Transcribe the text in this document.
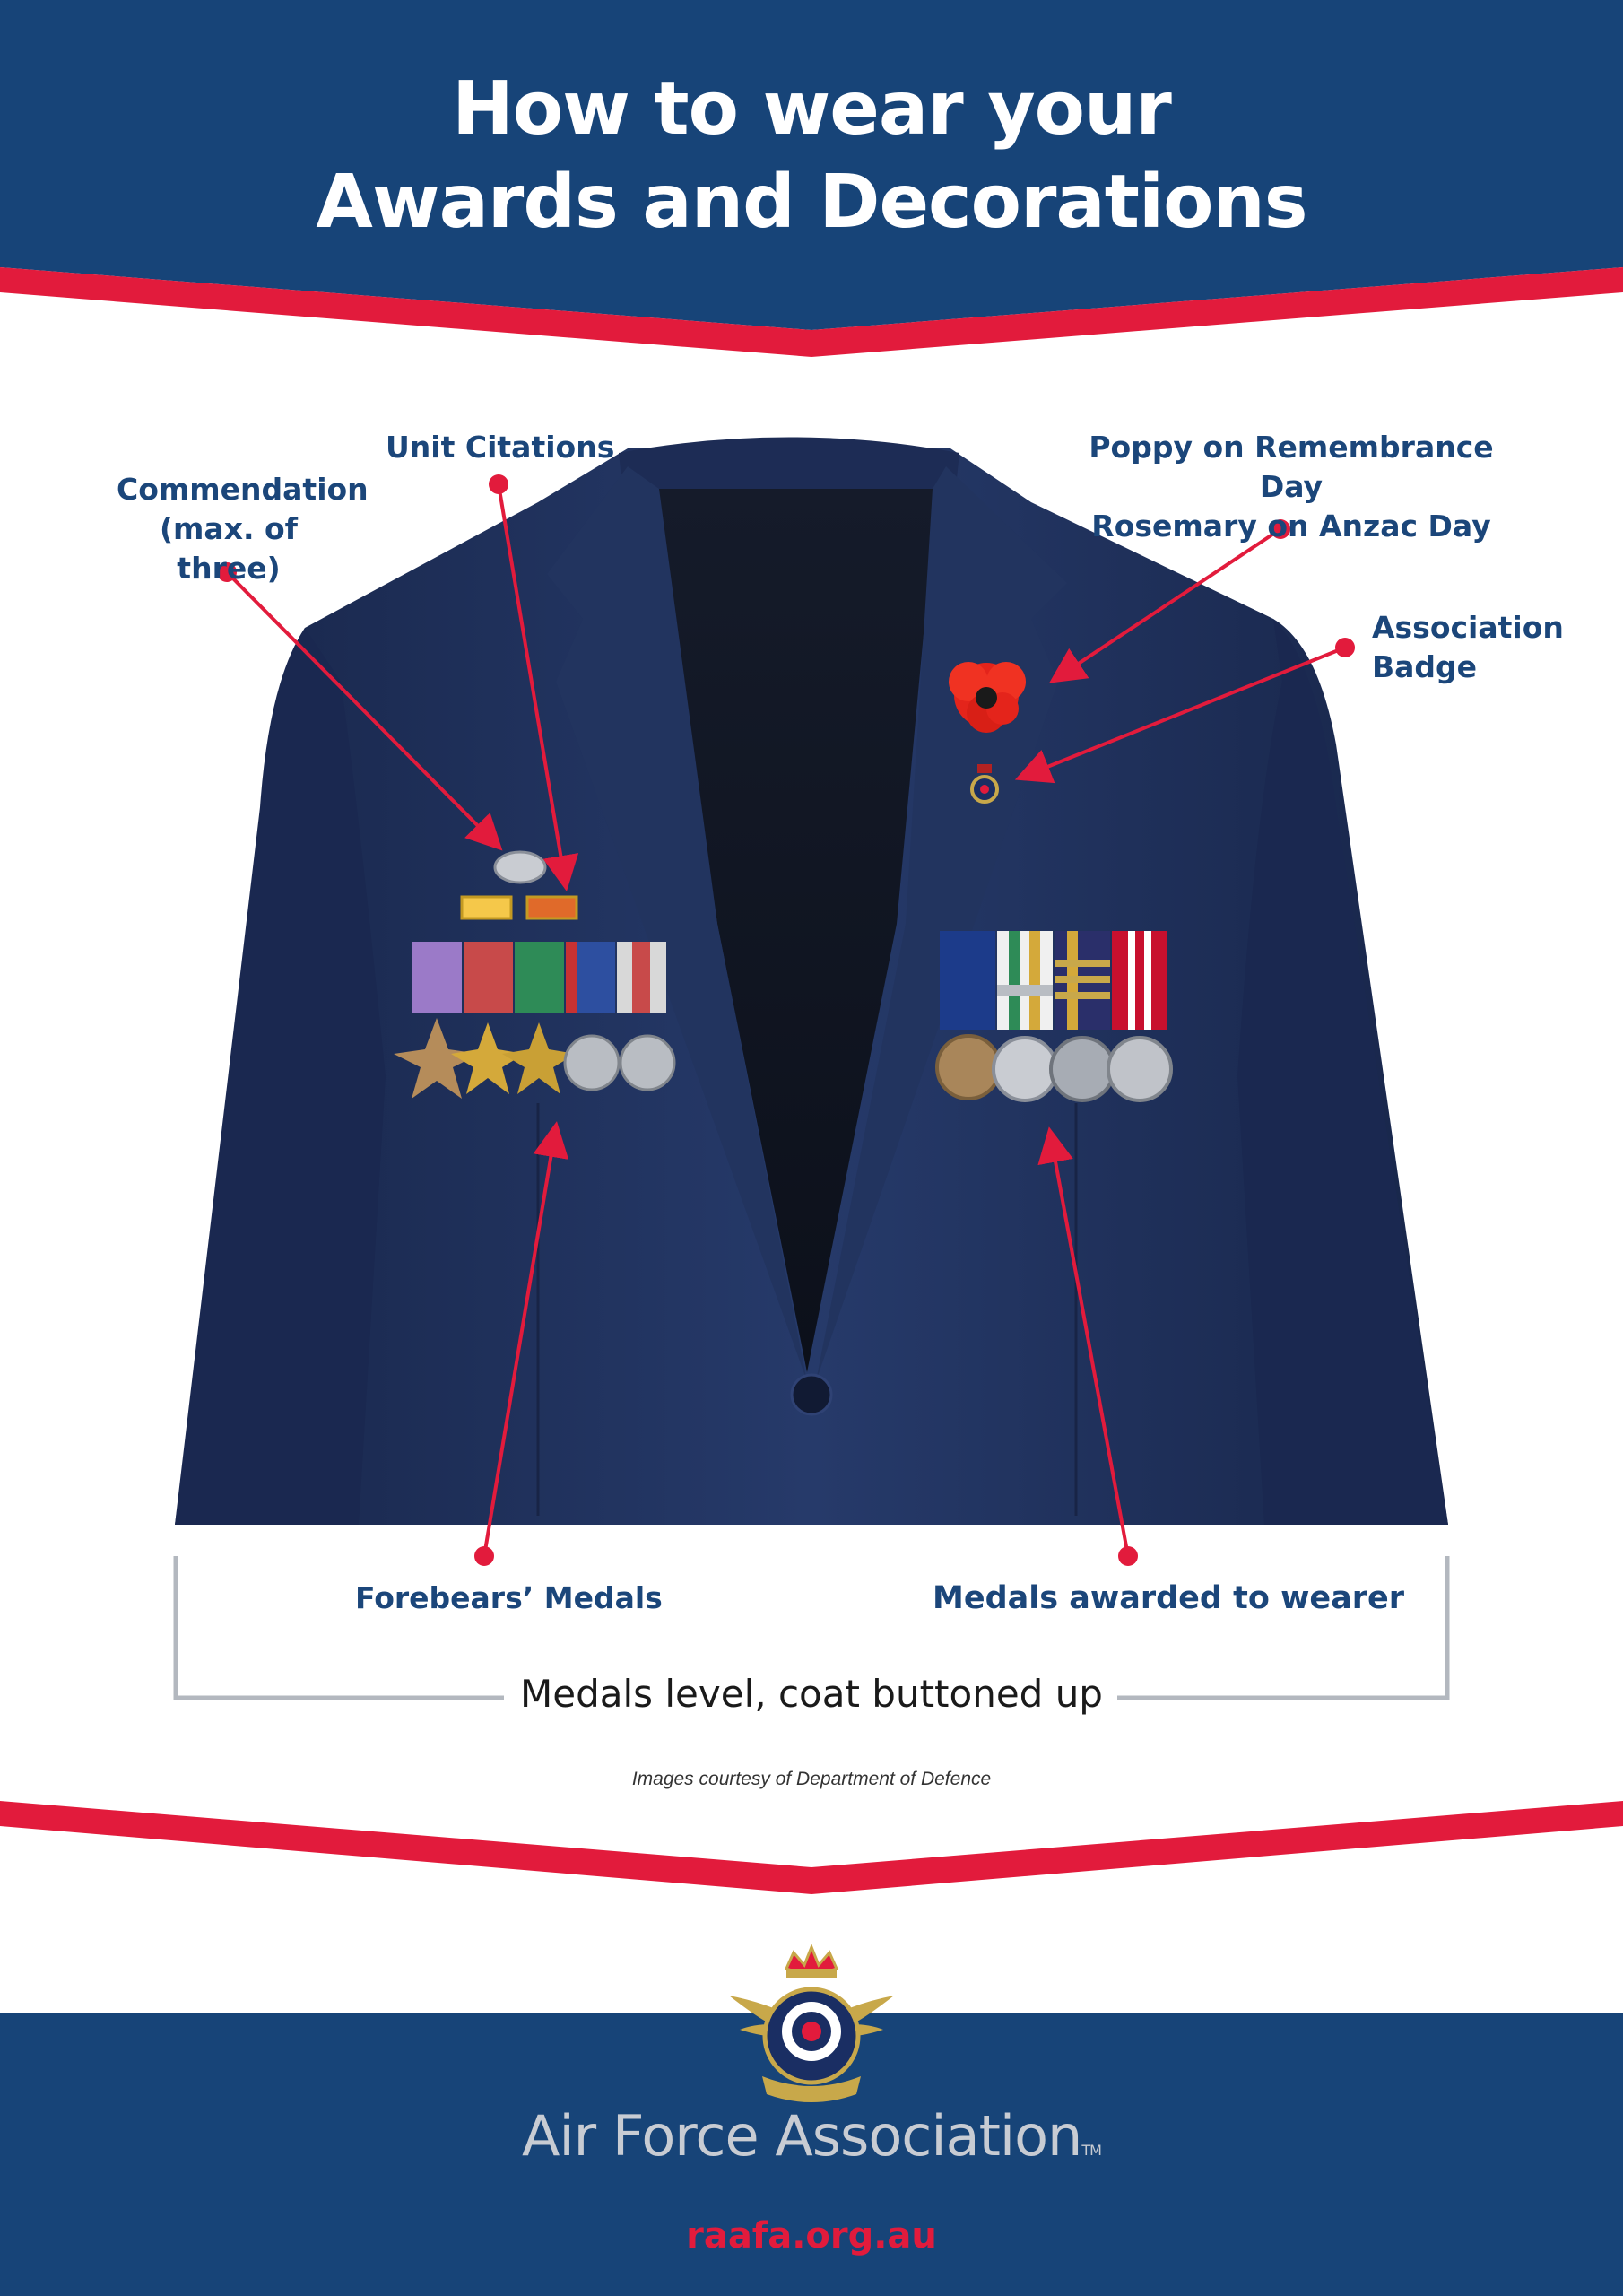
How to wear your
Awards and Decorations
Unit Citations
Commendation
(max. of three)
Poppy on Remembrance Day
Rosemary on Anzac Day
Association
Badge
Forebears’ Medals	Medals awarded to wearer
Medals level, coat buttoned up
Images courtesy of Department of Defence
Air Force AssociationTM
raafa.org.au
